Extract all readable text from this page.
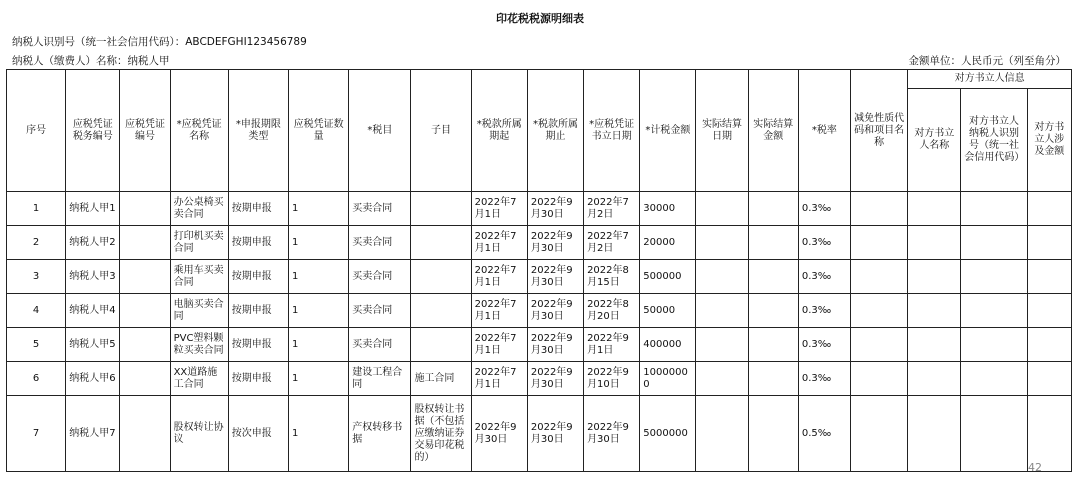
印花税税源明细表
纳税人识别号（统一社会信用代码）：ABCDEFGHI123456789
纳税人（缴费人）名称：纳税人甲	金额单位：人民币元（列至角分）
序号	应税凭证税务编号	应税凭证编号	*应税凭证名称	*申报期限类型	应税凭证数量	*税目	子目	*税款所属期起	*税款所属期止	*应税凭证书立日期	*计税金额	实际结算日期	实际结算金额	*税率	减免性质代码和项目名称	对方书立人信息		
																对方书立人名称	对方书立人纳税人识别号（统一社会信用代码）	对方书立人涉及金额
1	纳税人甲1		办公桌椅买卖合同	按期申报	1	买卖合同		2022年7月1日	2022年9月30日	2022年7月2日	30000			0.3‰				
2	纳税人甲2		打印机买卖合同	按期申报	1	买卖合同		2022年7月1日	2022年9月30日	2022年7月2日	20000			0.3‰				
3	纳税人甲3		乘用车买卖合同	按期申报	1	买卖合同		2022年7月1日	2022年9月30日	2022年8月15日	500000			0.3‰				
4	纳税人甲4		电脑买卖合同	按期申报	1	买卖合同		2022年7月1日	2022年9月30日	2022年8月20日	50000			0.3‰				
5	纳税人甲5		PVC塑料颗粒买卖合同	按期申报	1	买卖合同		2022年7月1日	2022年9月30日	2022年9月1日	400000			0.3‰				
6	纳税人甲6		XX道路施工合同	按期申报	1	建设工程合同	施工合同	2022年7月1日	2022年9月30日	2022年9月10日	10000000			0.3‰				
7	纳税人甲7		股权转让协议	按次申报	1	产权转移书据	股权转让书据（不包括应缴纳证券交易印花税的）	2022年9月30日	2022年9月30日	2022年9月30日	5000000			0.5‰				
42
